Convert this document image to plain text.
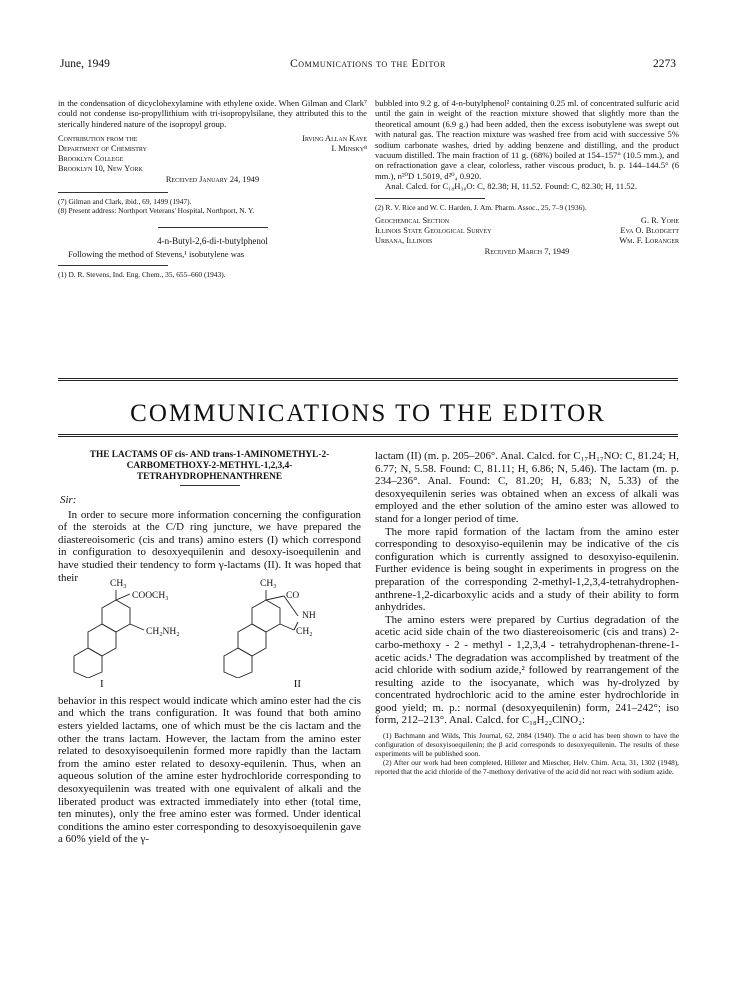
June, 1949	Communications to the Editor	2273

in the condensation of dicyclohexylamine with ethylene oxide. When Gilman and Clark⁷ could not condense iso-propyllithium with tri-isopropylsilane, they attributed this to the sterically hindered nature of the isopropyl group.

Contribution from the	Irving Allan Kaye
Department of Chemistry	I. Minsky⁸
Brooklyn College
Brooklyn 10, New York
Received January 24, 1949
(7) Gilman and Clark, ibid., 69, 1499 (1947).
(8) Present address: Northport Veterans' Hospital, Northport, N. Y.
4-n-Butyl-2,6-di-t-butylphenol

Following the method of Stevens,¹ isobutylene was

(1) D. R. Stevens, Ind. Eng. Chem., 35, 655–660 (1943).

bubbled into 9.2 g. of 4-n-butylphenol² containing 0.25 ml. of concentrated sulfuric acid until the gain in weight of the reaction mixture showed that slightly more than the theoretical amount (6.9 g.) had been added, then the excess isobutylene was swept out with natural gas. The reaction mixture was washed free from acid with successive 5% sodium carbonate washes, dried by adding benzene and distilling, and the product vacuum distilled. The main fraction of 11 g. (68%) boiled at 154–157° (10.5 mm.), and on refractionation gave a clear, colorless, rather viscous product, b. p. 144–144.5° (6 mm.), n²⁰D 1.5019, d²⁰₄ 0.920.

Anal. Calcd. for C₁₈H₃₀O: C, 82.38; H, 11.52. Found: C, 82.30; H, 11.52.

(2) R. V. Rice and W. C. Harden, J. Am. Pharm. Assoc., 25, 7–9 (1936).
Geochemical Section	G. R. Yohe
Illinois State Geological Survey	Eva O. Blodgett
Urbana, Illinois	Wm. F. Loranger
Received March 7, 1949
COMMUNICATIONS TO THE EDITOR

THE LACTAMS OF cis- AND trans-1-AMINOMETHYL-2-CARBOMETHOXY-2-METHYL-1,2,3,4-TETRAHYDROPHENANTHRENE

Sir:

In order to secure more information concerning the configuration of the steroids at the C/D ring juncture, we have prepared the diastereoisomeric (cis and trans) amino esters (I) which correspond in configuration to desoxyequilenin and desoxy-isoequilenin and have studied their tendency to form γ-lactams (II). It was hoped that their

CH₃
COOCH₃
CH₂NH₂
CH₃
CO
NH
CH₂
I	II

behavior in this respect would indicate which amino ester had the cis and which the trans configuration. It was found that both amino esters yielded lactams, one of which must be the cis lactam and the other the trans lactam. However, the lactam from the amino ester related to desoxyisoequilenin formed more rapidly than the lactam from the amino ester related to desoxy-equilenin. Thus, when an aqueous solution of the amine ester hydrochloride corresponding to desoxyequilenin was treated with one equivalent of alkali and the liberated product was extracted immediately into ether (total time, ten minutes), only the free amino ester was formed. Under identical conditions the amino ester corresponding to desoxyisoequilenin gave a 60% yield of the γ-

lactam (II) (m. p. 205–206°. Anal. Calcd. for C₁₇H₁₇NO: C, 81.24; H, 6.77; N, 5.58. Found: C, 81.11; H, 6.86; N, 5.46). The lactam (m. p. 234–236°. Anal. Found: C, 81.20; H, 6.83; N, 5.33) of the desoxyequilenin series was obtained when an excess of alkali was employed and the ether solution of the amino ester was allowed to stand for a longer period of time.

The more rapid formation of the lactam from the amino ester corresponding to desoxyiso-equilenin may be indicative of the cis configuration which is currently assigned to desoxyiso-equilenin. Further evidence is being sought in experiments in progress on the preparation of the corresponding 2-methyl-1,2,3,4-tetrahydrophen-anthrene-1,2-dicarboxylic acids and a study of their ability to form anhydrides.

The amino esters were prepared by Curtius degradation of the acetic acid side chain of the two diastereoisomeric (cis and trans) 2-carbo-methoxy - 2 - methyl - 1,2,3,4 - tetrahydrophenan-threne-1-acetic acids.¹ The degradation was accomplished by treatment of the acid chloride with sodium azide,² followed by rearrangement of the resulting azide to the isocyanate, which was hy-drolyzed by concentrated hydrochloric acid to the amine ester hydrochloride in good yield; m. p.: normal (desoxyequilenin) form, 241–242°; iso form, 212–213°. Anal. Calcd. for C₁₈H₂₂ClNO₂:

(1) Bachmann and Wilds, This Journal, 62, 2084 (1940). The α acid has been shown to have the configuration of desoxyisoequilenin; the β acid corresponds to desoxyequilenin. The results of these experiments will be published soon.

(2) After our work had been completed, Hilleter and Miescher, Helv. Chim. Acta, 31, 1302 (1948), reported that the acid chloride of the 7-methoxy derivative of the acid did not react with sodium azide.
